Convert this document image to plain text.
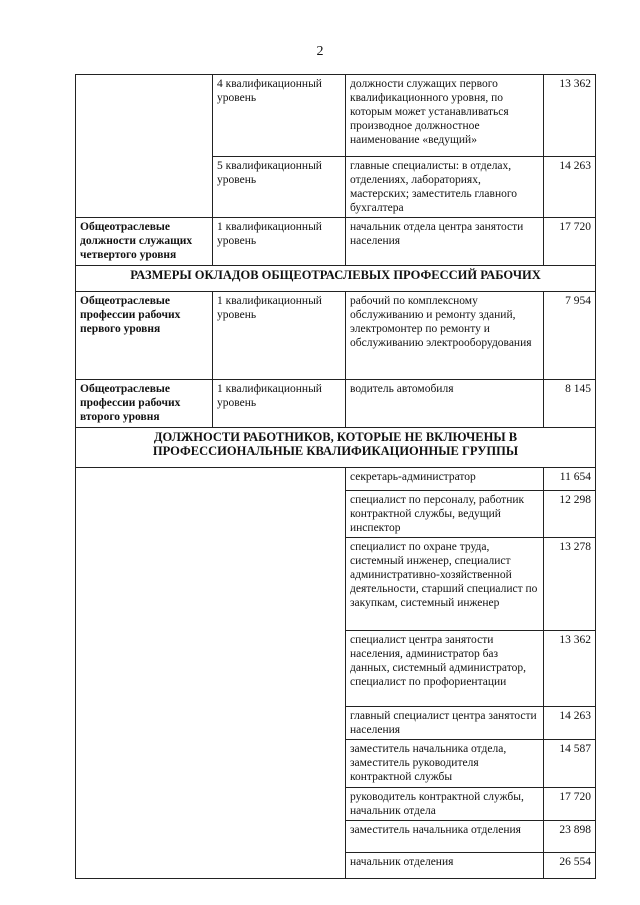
2
	4 квалификационный уровень	должности служащих первого квалификационного уровня, по которым может устанавливаться производное должностное наименование «ведущий»	13 362
	5 квалификационный уровень	главные специалисты: в отделах, отделениях, лабораториях, мастерских; заместитель главного бухгалтера	14 263
Общеотраслевые должности служащих четвертого уровня	1 квалификационный уровень	начальник отдела центра занятости населения	17 720
РАЗМЕРЫ ОКЛАДОВ ОБЩЕОТРАСЛЕВЫХ ПРОФЕССИЙ РАБОЧИХ			
Общеотраслевые профессии рабочих первого уровня	1 квалификационный уровень	рабочий по комплексному обслуживанию и ремонту зданий, электромонтер по ремонту и обслуживанию электрооборудования	7 954
Общеотраслевые профессии рабочих второго уровня	1 квалификационный уровень	водитель автомобиля	8 145
ДОЛЖНОСТИ РАБОТНИКОВ, КОТОРЫЕ НЕ ВКЛЮЧЕНЫ В ПРОФЕССИОНАЛЬНЫЕ КВАЛИФИКАЦИОННЫЕ ГРУППЫ			
		секретарь-администратор	11 654
		специалист по персоналу, работник контрактной службы, ведущий инспектор	12 298
		специалист по охране труда, системный инженер, специалист административно-хозяйственной деятельности, старший специалист по закупкам, системный инженер	13 278
		специалист центра занятости населения, администратор баз данных, системный администратор, специалист по профориентации	13 362
		главный специалист центра занятости населения	14 263
		заместитель начальника отдела, заместитель руководителя контрактной службы	14 587
		руководитель контрактной службы, начальник отдела	17 720
		заместитель начальника отделения	23 898
		начальник отделения	26 554
